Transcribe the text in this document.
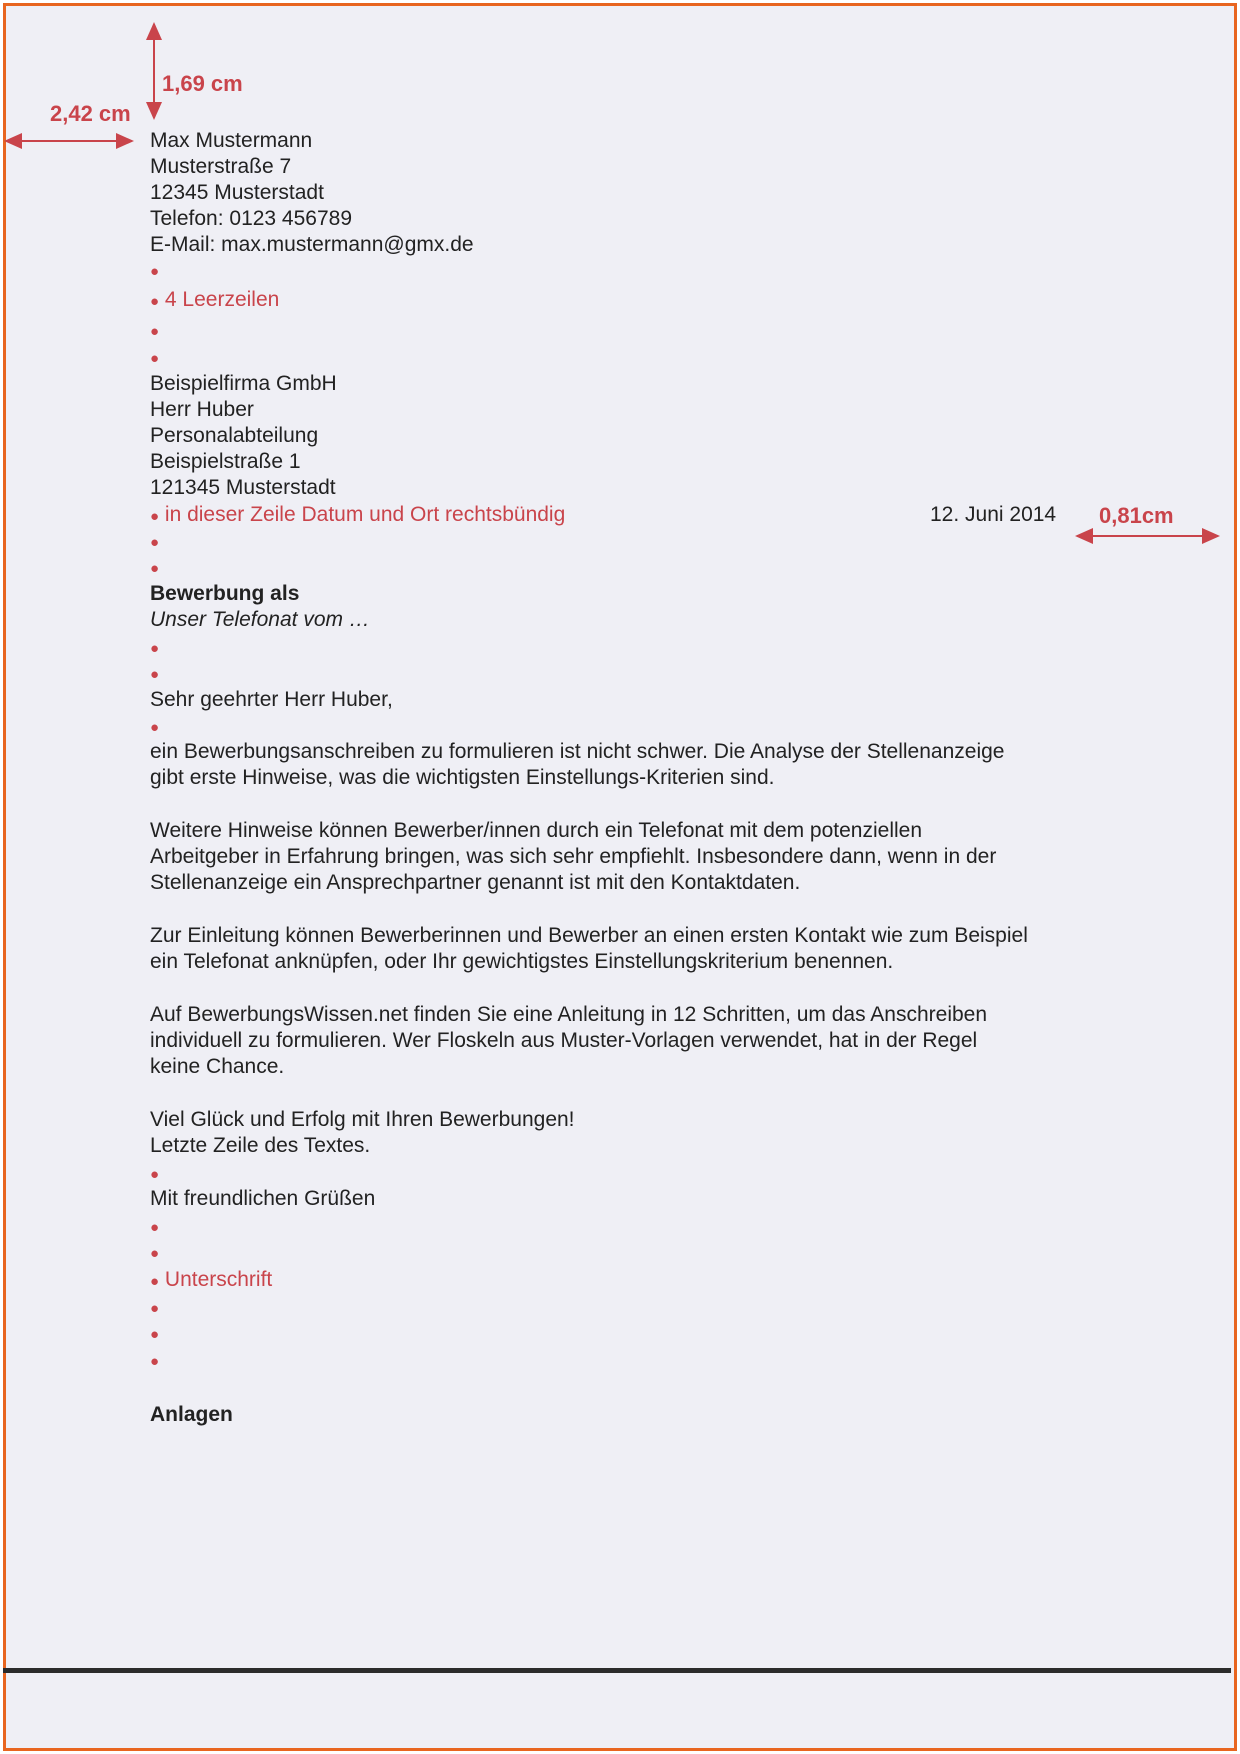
1,69 cm
2,42 cm
0,81cm
Max Mustermann
Musterstraße 7
12345 Musterstadt
Telefon: 0123 456789
E-Mail: max.mustermann@gmx.de
●
● 4 Leerzeilen
●
●
Beispielfirma GmbH
Herr Huber
Personalabteilung
Beispielstraße 1
121345 Musterstadt
● in dieser Zeile Datum und Ort rechtsbündig	12. Juni 2014
●
●
Bewerbung als
Unser Telefonat vom …
●
●
Sehr geehrter Herr Huber,
●
ein Bewerbungsanschreiben zu formulieren ist nicht schwer. Die Analyse der Stellenanzeige
gibt erste Hinweise, was die wichtigsten Einstellungs-Kriterien sind.
Weitere Hinweise können Bewerber/innen durch ein Telefonat mit dem potenziellen
Arbeitgeber in Erfahrung bringen, was sich sehr empfiehlt. Insbesondere dann, wenn in der
Stellenanzeige ein Ansprechpartner genannt ist mit den Kontaktdaten.
Zur Einleitung können Bewerberinnen und Bewerber an einen ersten Kontakt wie zum Beispiel
ein Telefonat anknüpfen, oder Ihr gewichtigstes Einstellungskriterium benennen.
Auf BewerbungsWissen.net finden Sie eine Anleitung in 12 Schritten, um das Anschreiben
individuell zu formulieren. Wer Floskeln aus Muster-Vorlagen verwendet, hat in der Regel
keine Chance.
Viel Glück und Erfolg mit Ihren Bewerbungen!
Letzte Zeile des Textes.
●
Mit freundlichen Grüßen
●
●
● Unterschrift
●
●
●
Anlagen
